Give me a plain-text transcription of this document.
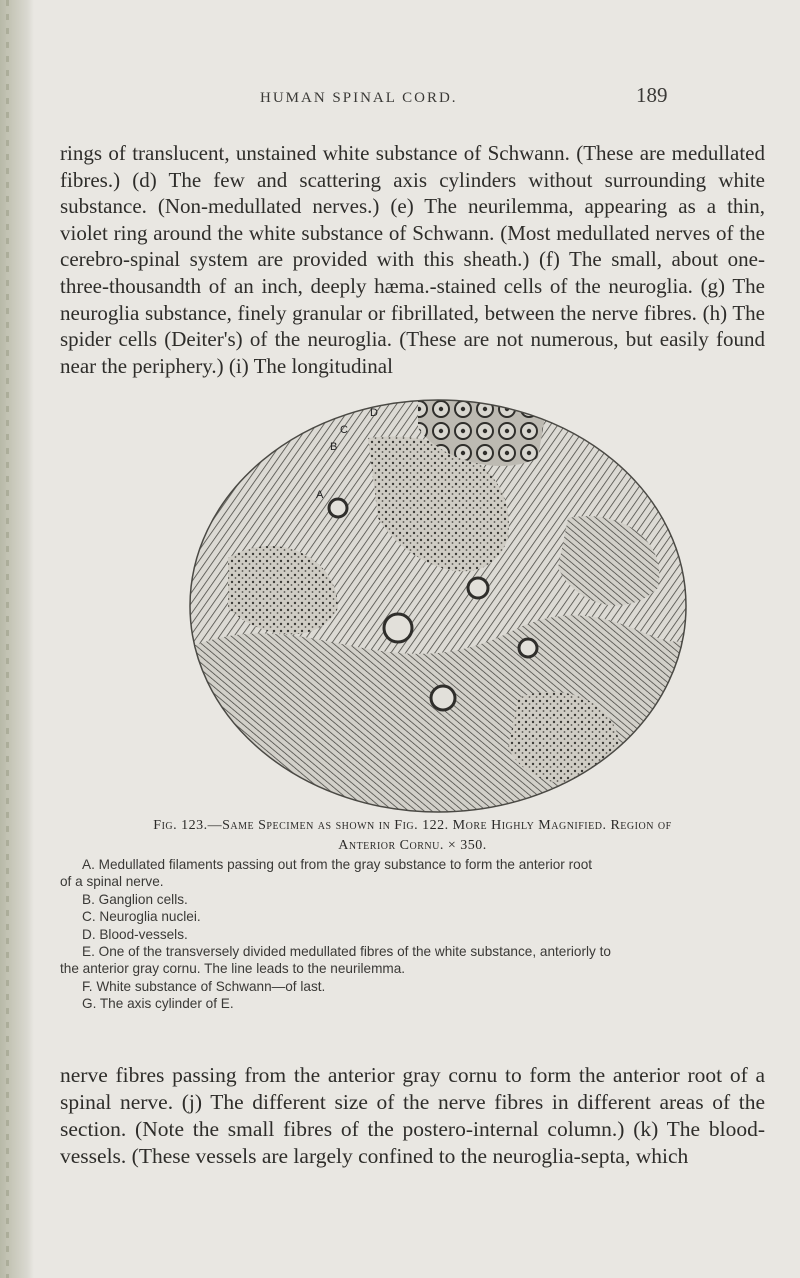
HUMAN SPINAL CORD.	189

rings of translucent, unstained white substance of Schwann. (These are medullated fibres.) (d) The few and scattering axis cylinders without surrounding white substance. (Non-medullated nerves.) (e) The neurilemma, appearing as a thin, violet ring around the white substance of Schwann. (Most medullated nerves of the cerebro-spinal system are provided with this sheath.) (f) The small, about one-three-thousandth of an inch, deeply hæma.-stained cells of the neuroglia. (g) The neuroglia substance, finely granular or fibrillated, between the nerve fibres. (h) The spider cells (Deiter's) of the neuroglia. (These are not numerous, but easily found near the periphery.) (i) The longitudinal

D
C
B
A
Fig. 123.—Same Specimen as shown in Fig. 122. More Highly Magnified. Region of
Anterior Cornu. × 350.
A. Medullated filaments passing out from the gray substance to form the anterior root
of a spinal nerve.
B. Ganglion cells.
C. Neuroglia nuclei.
D. Blood-vessels.
E. One of the transversely divided medullated fibres of the white substance, anteriorly to
the anterior gray cornu. The line leads to the neurilemma.
F. White substance of Schwann—of last.
G. The axis cylinder of E.

nerve fibres passing from the anterior gray cornu to form the anterior root of a spinal nerve. (j) The different size of the nerve fibres in different areas of the section. (Note the small fibres of the postero-internal column.) (k) The blood-vessels. (These vessels are largely confined to the neuroglia-septa, which
